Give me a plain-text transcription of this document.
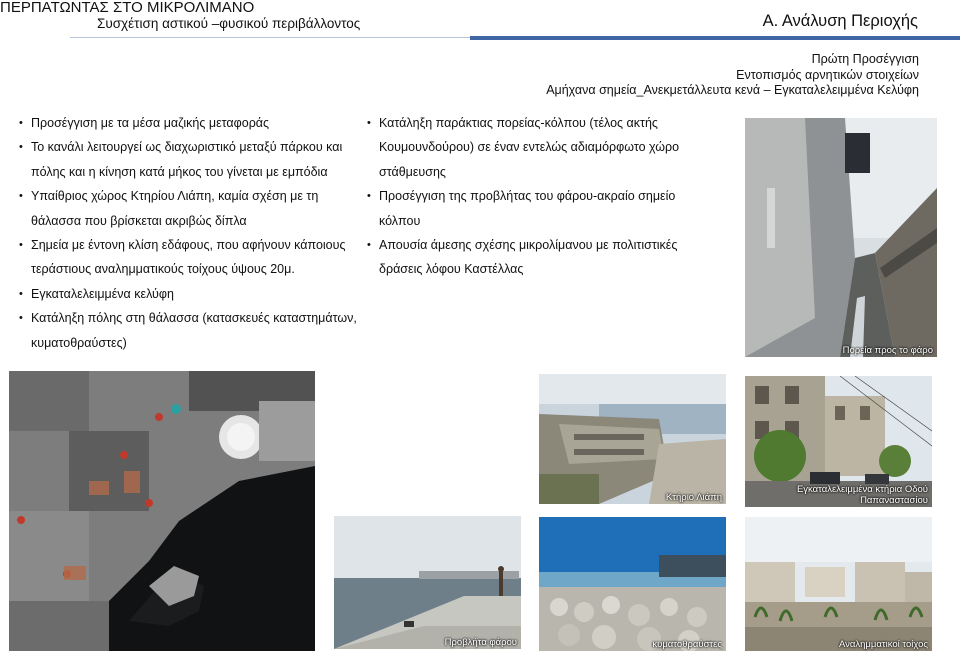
ΠΕΡΠΑΤΩΝΤΑΣ ΣΤΟ ΜΙΚΡΟΛΙΜΑΝΟ
Συσχέτιση αστικού –φυσικού περιβάλλοντος	Α. Ανάλυση Περιοχής
Πρώτη Προσέγγιση
Εντοπισμός αρνητικών στοιχείων
Αμήχανα σημεία_Ανεκμετάλλευτα κενά – Εγκαταλελειμμένα Κελύφη
• Προσέγγιση με τα μέσα μαζικής μεταφοράς
• Το κανάλι λειτουργεί ως διαχωριστικό μεταξύ πάρκου και πόλης και η κίνηση κατά μήκος του γίνεται με εμπόδια
• Υπαίθριος χώρος Κτηρίου Λιάπη, καμία σχέση με τη θάλασσα που βρίσκεται ακριβώς δίπλα
• Σημεία με έντονη κλίση εδάφους, που αφήνουν κάποιους τεράστιους αναλημματικούς τοίχους ύψους 20μ.
• Εγκαταλελειμμένα κελύφη
• Κατάληξη πόλης στη θάλασσα (κατασκευές καταστημάτων, κυματοθραύστες)
• Κατάληξη παράκτιας πορείας-κόλπου (τέλος ακτής Κουμουνδούρου) σε έναν εντελώς αδιαμόρφωτο χώρο στάθμευσης
• Προσέγγιση της προβλήτας του φάρου-ακραίο σημείο κόλπου
• Απουσία άμεσης σχέσης μικρολίμανου με πολιτιστικές δράσεις λόφου Καστέλλας
Πορεία προς το φάρο
Κτήριο Λιάπη
Εγκαταλελειμμένα κτήρια Οδού Παπαναστασίου
Προβλήτα φάρου	κυματοθραύστες	Αναλημματικοί τοίχος
